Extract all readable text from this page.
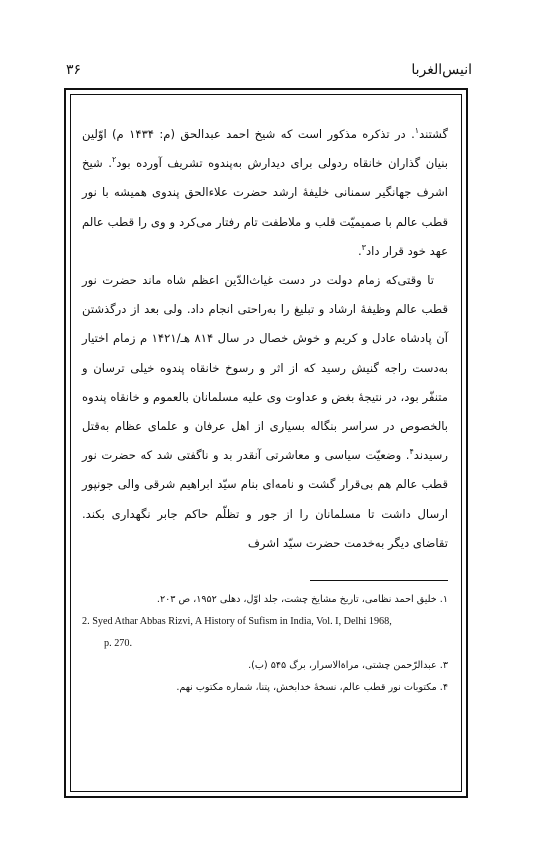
انیس‌الغربا
۳۶

گشتند$^۱$. در تذکره مذکور است که شیخ احمد عبدالحق (م: ۱۴۳۴ م) اوّلین بنیان گذاران خانقاه ردولی برای دیدارش به‌پندوه تشریف آورده بود$^۲$. شیخ اشرف جهانگیر سمنانی خلیفهٔ ارشد حضرت علاءالحق پندوی همیشه با نور قطب عالم با صمیمیّت قلب و ملاطفت تام رفتار می‌کرد و وی را قطب عالم عهد خود قرار داد$^۳$.

تا وقتی‌که زمام دولت در دست غیاث‌الدّین اعظم شاه ماند حضرت نور قطب عالم وظیفهٔ ارشاد و تبلیغ را به‌راحتی انجام داد. ولی بعد از درگذشتن آن پادشاه عادل و کریم و خوش خصال در سال ۸۱۴ هـ/۱۴۲۱ م زمام اختیار به‌دست راجه گنیش رسید که از اثر و رسوخ خانقاه پندوه خیلی ترسان و متنفّر بود، در نتیجهٔ بغض و عداوت وی علیه مسلمانان بالعموم و خانقاه پندوه بالخصوص در سراسر بنگاله بسیاری از اهل عرفان و علمای عظام به‌قتل رسیدند$^۴$. وضعیّت سیاسی و معاشرتی آنقدر بد و ناگفتی شد که حضرت نور قطب عالم هم بی‌قرار گشت و نامه‌ای بنام سیّد ابراهیم شرقی والی جونپور ارسال داشت تا مسلمانان را از جور و تظلّم حاکم جابر نگهداری بکند. تقاضای دیگر به‌خدمت حضرت سیّد اشرف

۱. خلیق احمد نظامی، تاریخ مشایخ چشت، جلد اوّل، دهلی ۱۹۵۲، ص ۲۰۳.
2. Syed Athar Abbas Rizvi, A History of Sufism in India, Vol. I, Delhi 1968,
p. 270.
۳. عبدالرّحمن چشتی، مراةالاسرار، برگ ۵۴۵ (ب).
۴. مکتوبات نور قطب عالم، نسخهٔ خدابخش، پتنا، شماره مکتوب نهم.
